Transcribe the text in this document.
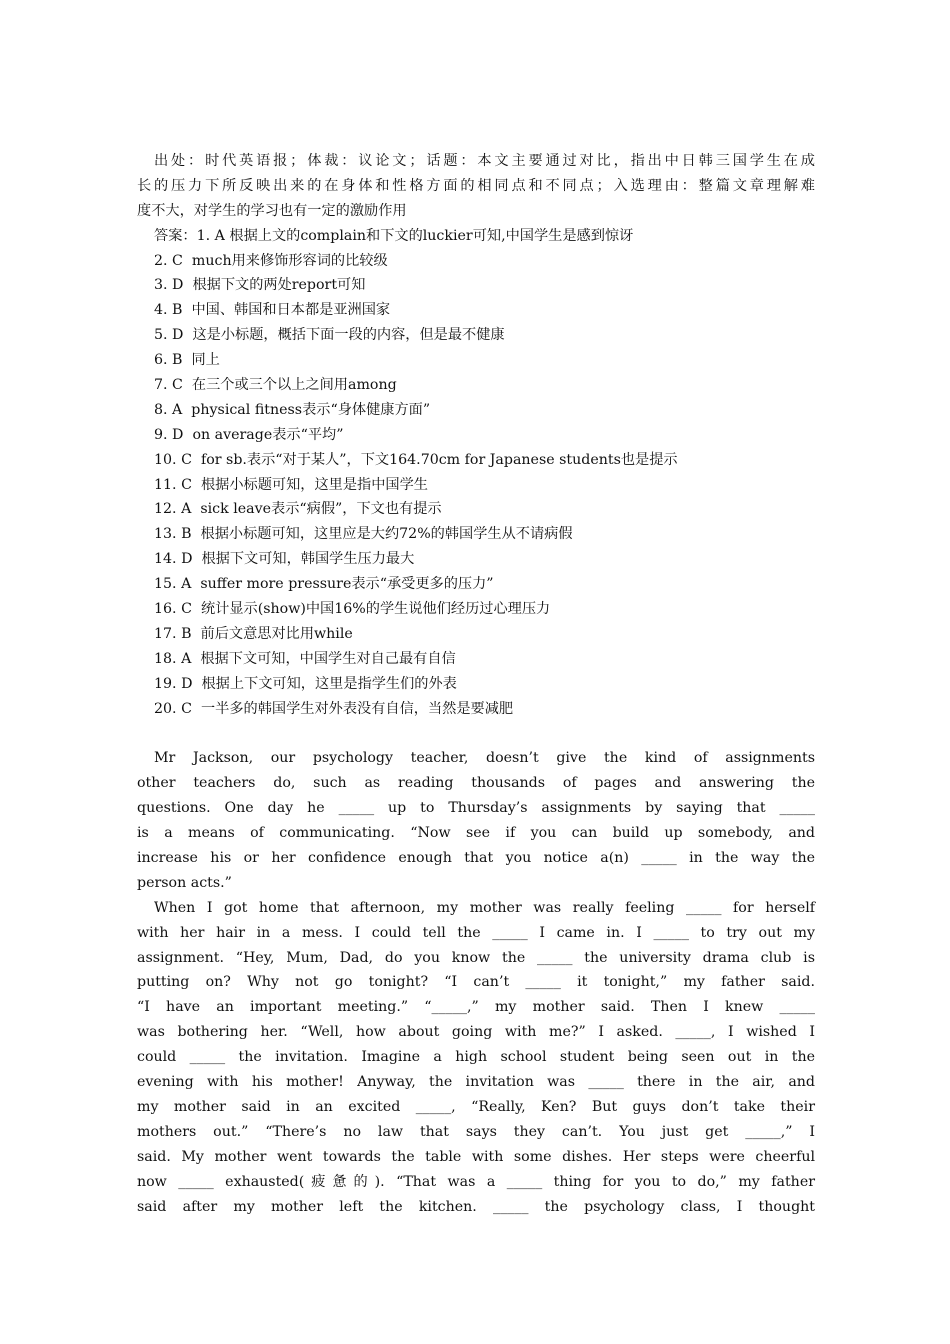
出处：时代英语报；体裁：议论文；话题：本文主要通过对比，指出中日韩三国学生在成

长的压力下所反映出来的在身体和性格方面的相同点和不同点；入选理由：整篇文章理解难

度不大，对学生的学习也有一定的激励作用

答案：1. A 根据上文的complain和下文的luckier可知,中国学生是感到惊讶
2. C  much用来修饰形容词的比较级
3. D  根据下文的两处report可知
4. B  中国、韩国和日本都是亚洲国家
5. D  这是小标题，概括下面一段的内容，但是最不健康
6. B  同上
7. C  在三个或三个以上之间用among
8. A  physical fitness表示“身体健康方面”
9. D  on average表示“平均”
10. C  for sb.表示“对于某人”，下文164.70cm for Japanese students也是提示
11. C  根据小标题可知，这里是指中国学生
12. A  sick leave表示“病假”，下文也有提示
13. B  根据小标题可知，这里应是大约72%的韩国学生从不请病假
14. D  根据下文可知，韩国学生压力最大
15. A  suffer more pressure表示“承受更多的压力”
16. C  统计显示(show)中国16%的学生说他们经历过心理压力
17. B  前后文意思对比用while
18. A  根据下文可知，中国学生对自己最有自信
19. D  根据上下文可知，这里是指学生们的外表
20. C  一半多的韩国学生对外表没有自信，当然是要减肥

Mr Jackson, our psychology teacher, doesn’t give the kind of assignments

other teachers do, such as reading thousands of pages and answering the

questions. One day he _____ up to Thursday’s assignments by saying that _____

is a means of communicating. “Now see if you can build up somebody, and

increase his or her confidence enough that you notice a(n) _____ in the way the

person acts.”

When I got home that afternoon, my mother was really feeling _____ for herself

with her hair in a mess. I could tell the _____ I came in. I _____ to try out my

assignment. “Hey, Mum, Dad, do you know the _____ the university drama club is

putting on? Why not go tonight? “I can’t _____ it tonight,” my father said.

“I have an important meeting.” “_____,” my mother said. Then I knew _____

was bothering her. “Well, how about going with me?” I asked. _____, I wished I

could _____ the invitation. Imagine a high school student being seen out in the

evening with his mother! Anyway, the invitation was _____ there in the air, and

my mother said in an excited _____, “Really, Ken? But guys don’t take their

mothers out.” “There’s no law that says they can’t. You just get _____,” I

said. My mother went towards the table with some dishes. Her steps were cheerful

now _____ exhausted(疲惫的). “That was a _____ thing for you to do,” my father

said after my mother left the kitchen. _____ the psychology class, I thought
